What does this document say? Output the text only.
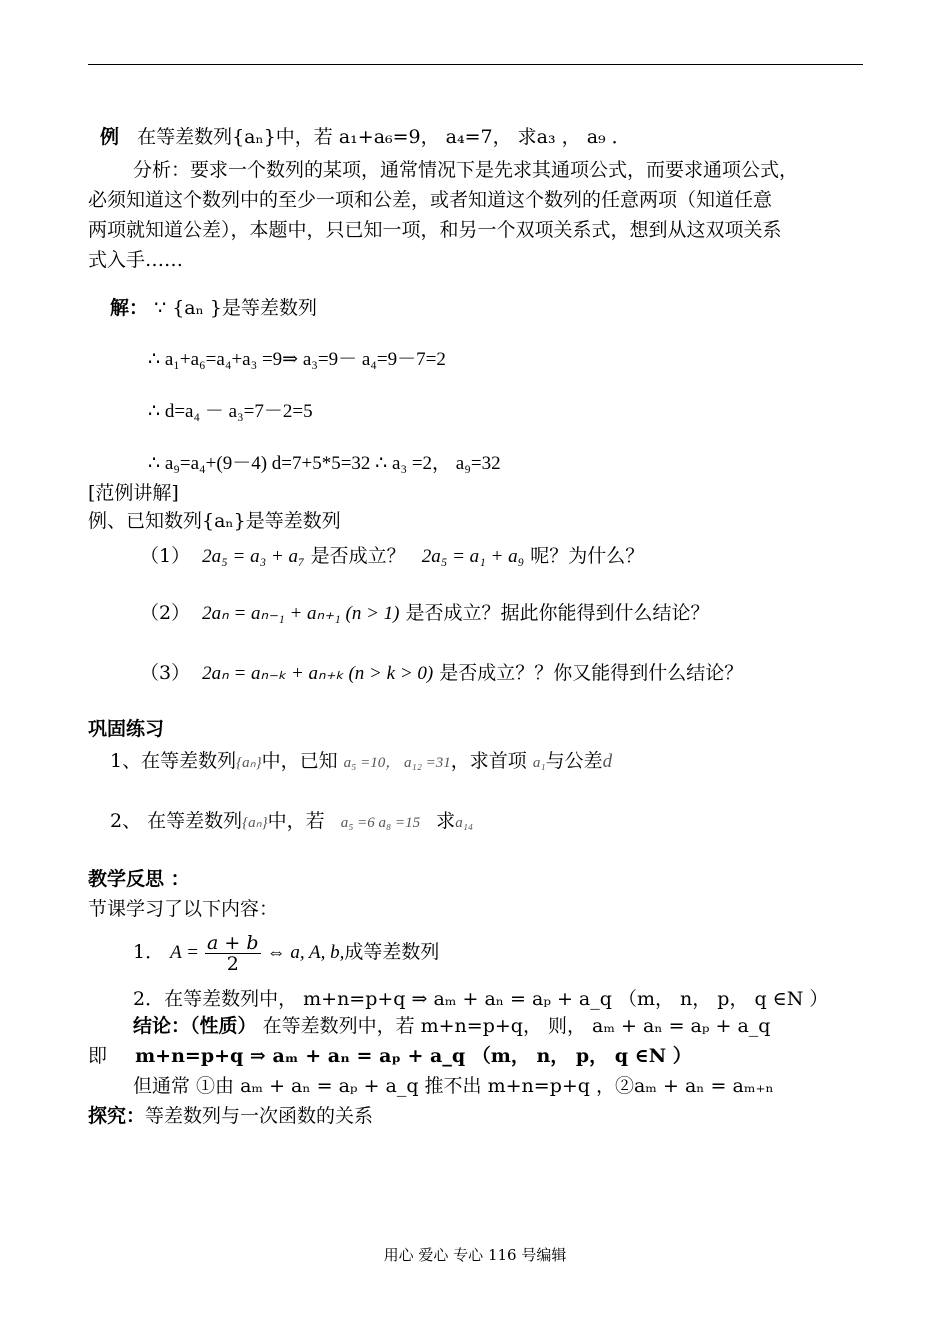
例 在等差数列{aₙ}中，若 a₁+a₆=9， a₄=7， 求a₃ ， a₉ ．
分析：要求一个数列的某项，通常情况下是先求其通项公式，而要求通项公式，
必须知道这个数列中的至少一项和公差，或者知道这个数列的任意两项（知道任意
两项就知道公差），本题中，只已知一项，和另一个双项关系式，想到从这双项关系
式入手……
解： ∵ {aₙ }是等差数列
∴ a₁+a₆=a₄+a₃ =9⇒ a₃=9－ a₄=9－7=2
∴ d=a₄ － a₃=7－2=5
∴ a₉=a₄+(9－4) d=7+5*5=32 ∴ a₃ =2， a₉=32
[范例讲解]
例、已知数列{aₙ}是等差数列
（1） 2a₅ = a₃ + a₇ 是否成立？ 2a₅ = a₁ + a₉ 呢？为什么？
（2） 2aₙ = aₙ₋₁ + aₙ₊₁ (n > 1) 是否成立？据此你能得到什么结论？
（3） 2aₙ = aₙ₋ₖ + aₙ₊ₖ (n > k > 0) 是否成立？？你又能得到什么结论？
巩固练习
1、在等差数列{aₙ}中，已知 a₅ =10， a₁₂ =31，求首项 a₁与公差d
2、 在等差数列{aₙ}中，若 a₅ =6 a₈ =15 求a₁₄
教学反思 ：
节课学习了以下内容：
1． $A = \frac{a + b}{2}$ ⇔ a, A, b,成等差数列
2．在等差数列中， m+n=p+q ⇒ aₘ + aₙ = aₚ + a_q （m， n， p， q ∈N ）
结论：（性质） 在等差数列中，若 m+n=p+q， 则， aₘ + aₙ = aₚ + a_q
即 m+n=p+q ⇒ aₘ + aₙ = aₚ + a_q （m， n， p， q ∈N ）
但通常 ①由 aₘ + aₙ = aₚ + a_q 推不出 m+n=p+q ，②aₘ + aₙ = aₘ₊ₙ
探究：等差数列与一次函数的关系
用心 爱心 专心 116 号编辑
